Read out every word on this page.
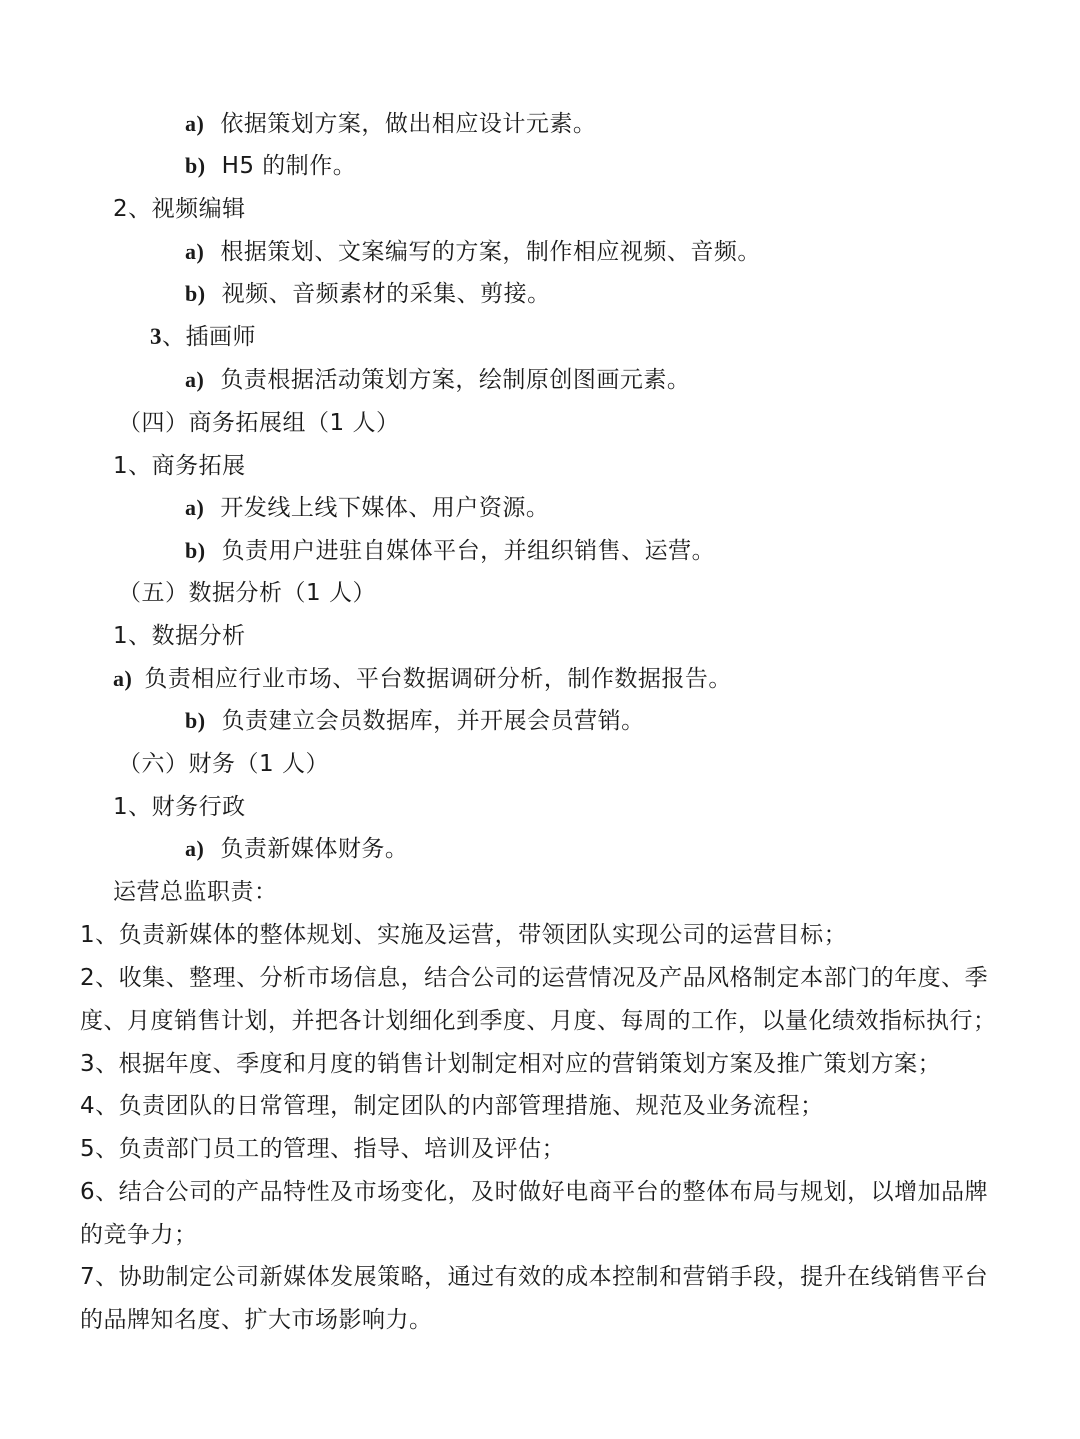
a) 依据策划方案，做出相应设计元素。
b) H5 的制作。
2、视频编辑
a) 根据策划、文案编写的方案，制作相应视频、音频。
b) 视频、音频素材的采集、剪接。
3、插画师
a) 负责根据活动策划方案，绘制原创图画元素。
（四）商务拓展组（1 人）
1、商务拓展
a) 开发线上线下媒体、用户资源。
b) 负责用户进驻自媒体平台，并组织销售、运营。
（五）数据分析（1 人）
1、数据分析
a) 负责相应行业市场、平台数据调研分析，制作数据报告。
b) 负责建立会员数据库，并开展会员营销。
（六）财务（1 人）
1、财务行政
a) 负责新媒体财务。
运营总监职责：
1、负责新媒体的整体规划、实施及运营，带领团队实现公司的运营目标；
2、收集、整理、分析市场信息，结合公司的运营情况及产品风格制定本部门的年度、季度、月度销售计划，并把各计划细化到季度、月度、每周的工作，以量化绩效指标执行；
3、根据年度、季度和月度的销售计划制定相对应的营销策划方案及推广策划方案；
4、负责团队的日常管理，制定团队的内部管理措施、规范及业务流程；
5、负责部门员工的管理、指导、培训及评估；
6、结合公司的产品特性及市场变化，及时做好电商平台的整体布局与规划，以增加品牌的竞争力；
7、协助制定公司新媒体发展策略，通过有效的成本控制和营销手段，提升在线销售平台的品牌知名度、扩大市场影响力。
